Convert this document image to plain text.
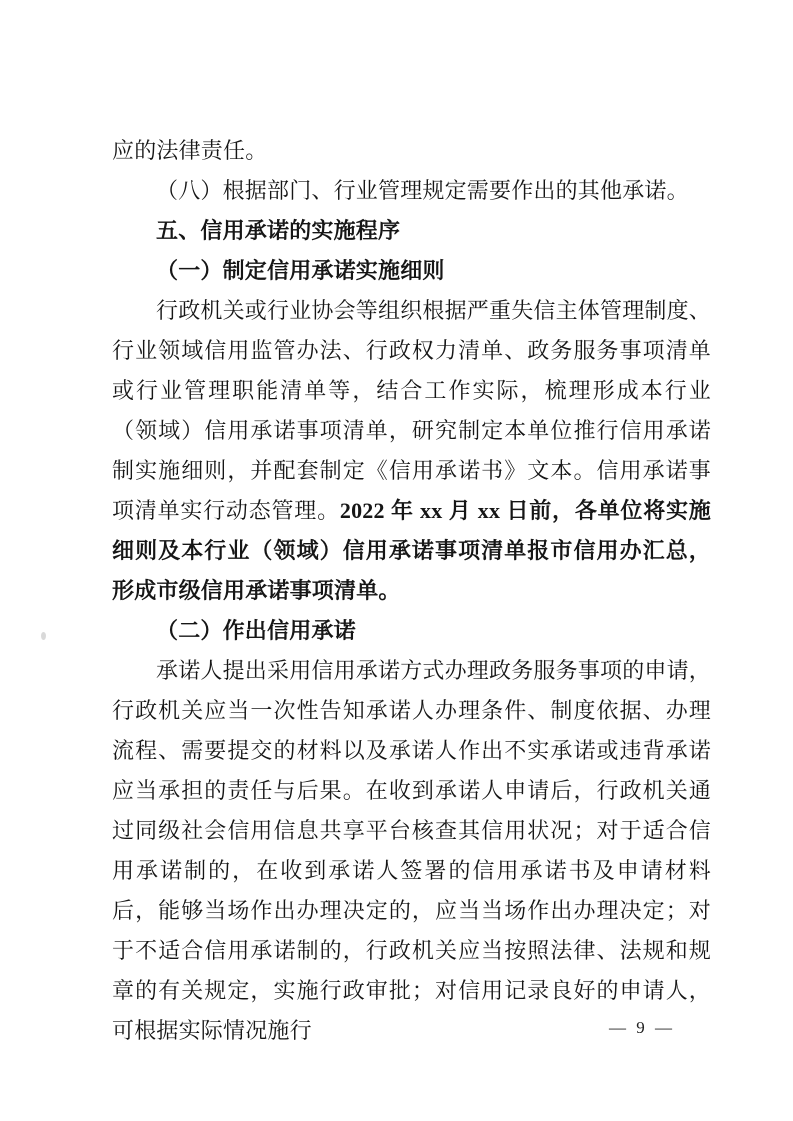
应的法律责任。

（八）根据部门、行业管理规定需要作出的其他承诺。

五、信用承诺的实施程序

（一）制定信用承诺实施细则

行政机关或行业协会等组织根据严重失信主体管理制度、行业领域信用监管办法、行政权力清单、政务服务事项清单或行业管理职能清单等，结合工作实际，梳理形成本行业（领域）信用承诺事项清单，研究制定本单位推行信用承诺制实施细则，并配套制定《信用承诺书》文本。信用承诺事项清单实行动态管理。2022 年 xx 月 xx 日前，各单位将实施细则及本行业（领域）信用承诺事项清单报市信用办汇总，形成市级信用承诺事项清单。

（二）作出信用承诺

承诺人提出采用信用承诺方式办理政务服务事项的申请，行政机关应当一次性告知承诺人办理条件、制度依据、办理流程、需要提交的材料以及承诺人作出不实承诺或违背承诺应当承担的责任与后果。在收到承诺人申请后，行政机关通过同级社会信用信息共享平台核查其信用状况；对于适合信用承诺制的，在收到承诺人签署的信用承诺书及申请材料后，能够当场作出办理决定的，应当当场作出办理决定；对于不适合信用承诺制的，行政机关应当按照法律、法规和规章的有关规定，实施行政审批；对信用记录良好的申请人，可根据实际情况施行	— 9 —
